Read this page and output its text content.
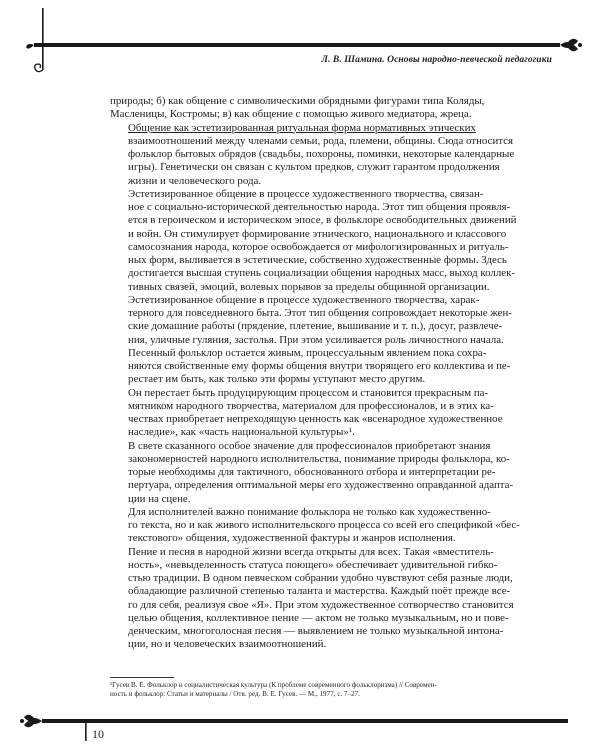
Л. В. Шамина. Основы народно-певческой педагогики

природы; б) как общение с символическими обрядными фигурами типа Коляды,
Масленицы, Костромы; в) как общение с помощью живого медиатора, жреца.

Общение как эстетизированная ритуальная форма нормативных этических
взаимоотношений между членами семьи, рода, племени, общины. Сюда относится
фольклор бытовых обрядов (свадьбы, похороны, поминки, некоторые календарные
игры). Генетически он связан с культом предков, служит гарантом продолжения
жизни и человеческого рода.

Эстетизированное общение в процессе художественного творчества, связан-
ное с социально-исторической деятельностью народа. Этот тип общения проявля-
ется в героическом и историческом эпосе, в фольклоре освободительных движений
и войн. Он стимулирует формирование этнического, национального и классового
самосознания народа, которое освобождается от мифологизированных и ритуаль-
ных форм, выливается в эстетические, собственно художественные формы. Здесь
достигается высшая ступень социализации общения народных масс, выход коллек-
тивных связей, эмоций, волевых порывов за пределы общинной организации.

Эстетизированное общение в процессе художественного творчества, харак-
терного для повседневного быта. Этот тип общения сопровождает некоторые жен-
ские домашние работы (прядение, плетение, вышивание и т. п.), досуг, развлече-
ния, уличные гуляния, застолья. При этом усиливается роль личностного начала.

Песенный фольклор остается живым, процессуальным явлением пока сохра-
няются свойственные ему формы общения внутри творящего его коллектива и пе-
рестает им быть, как только эти формы уступают место другим.

Он перестает быть продуцирующим процессом и становится прекрасным па-
мятником народного творчества, материалом для профессионалов, и в этих ка-
чествах приобретает непреходящую ценность как «всенародное художественное
наследие», как «часть национальной культуры»¹.

В свете сказанного особое значение для профессионалов приобретают знания
закономерностей народного исполнительства, понимание природы фольклора, ко-
торые необходимы для тактичного, обоснованного отбора и интерпретации ре-
пертуара, определения оптимальной меры его художественно оправданной адапта-
ции на сцене.

Для исполнителей важно понимание фольклора не только как художественно-
го текста, но и как живого исполнительского процесса со всей его спецификой «бес-
текстового» общения, художественной фактуры и жанров исполнения.

Пение и песня в народной жизни всегда открыты для всех. Такая «вместитель-
ность», «невыделенность статуса поющего» обеспечивает удивительной гибко-
стью традиции. В одном певческом собрании удобно чувствуют себя разные люди,
обладающие различной степенью таланта и мастерства. Каждый поёт прежде все-
го для себя, реализуя свое «Я». При этом художественное сотворчество становится
целью общения, коллективное пение — актом не только музыкальным, но и пове-
денческим, многоголосная песня — выявлением не только музыкальной интона-
ции, но и человеческих взаимоотношений.

¹Гусев В. Е. Фольклор и социалистическая культура (К проблеме современного фольклоризма) // Современ-
ность и фольклор: Статьи и материалы / Отв. ред. В. Е. Гусев. — М., 1977, с. 7–27.
10
